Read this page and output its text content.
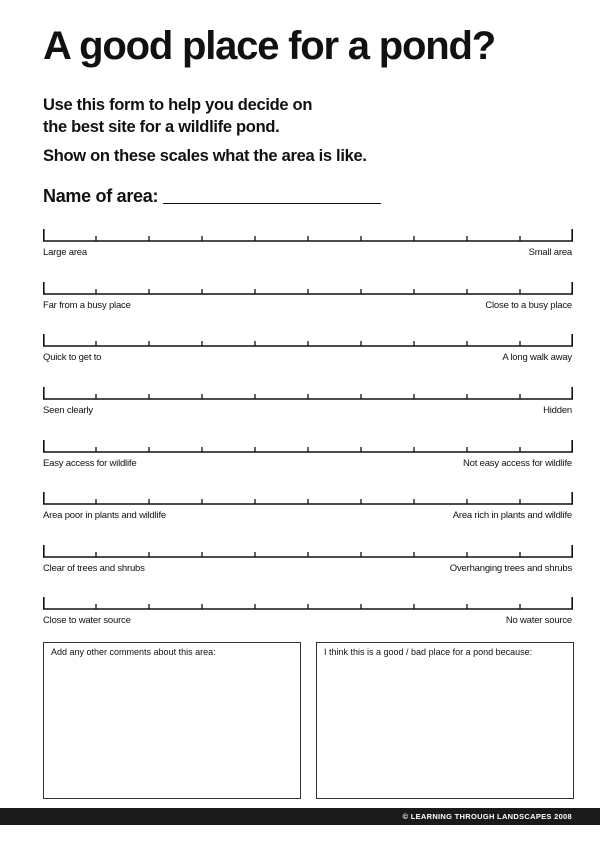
A good place for a pond?

Use this form to help you decide on

the best site for a wildlife pond.

Show on these scales what the area is like.

Name of area:
Large area	Small area
Far from a busy place	Close to a busy place
Quick to get to	A long walk away
Seen clearly	Hidden
Easy access for wildlife	Not easy access for wildlife
Area poor in plants and wildlife	Area rich in plants and wildlife
Clear of trees and shrubs	Overhanging trees and shrubs
Close to water source	No water source
Add any other comments about this area:	I think this is a good / bad place for a pond because:
© LEARNING THROUGH LANDSCAPES 2008
